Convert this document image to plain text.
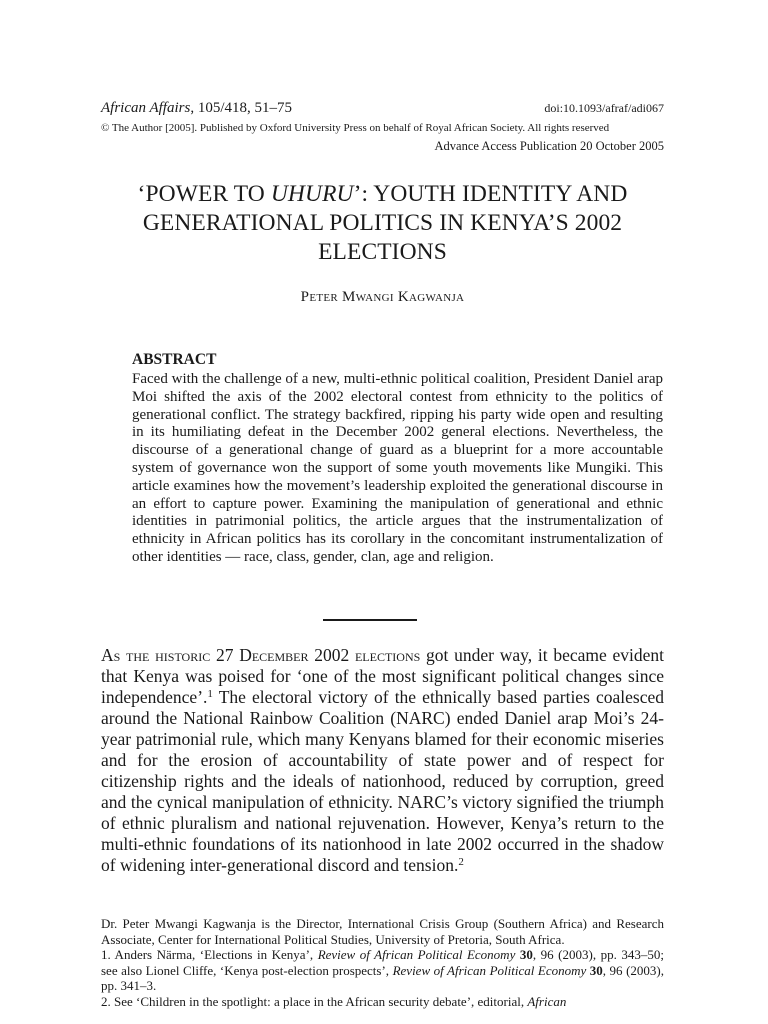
African Affairs, 105/418, 51–75	doi:10.1093/afraf/adi067
© The Author [2005]. Published by Oxford University Press on behalf of Royal African Society. All rights reserved
Advance Access Publication 20 October 2005
‘POWER TO UHURU’: YOUTH IDENTITY AND GENERATIONAL POLITICS IN KENYA’S 2002 ELECTIONS
Peter Mwangi Kagwanja

ABSTRACT

Faced with the challenge of a new, multi-ethnic political coalition, President Daniel arap Moi shifted the axis of the 2002 electoral contest from ethnicity to the politics of generational conflict. The strategy backfired, ripping his party wide open and resulting in its humiliating defeat in the December 2002 general elections. Nevertheless, the discourse of a generational change of guard as a blueprint for a more accountable system of governance won the support of some youth movements like Mungiki. This article examines how the movement’s leadership exploited the generational discourse in an effort to capture power. Examining the manipulation of generational and ethnic identities in patrimonial politics, the article argues that the instrumentalization of ethnicity in African politics has its corollary in the concomitant instrumentalization of other identities — race, class, gender, clan, age and religion.

As the historic 27 December 2002 elections got under way, it became evident that Kenya was poised for ‘one of the most significant political changes since independence’.$^1$ The electoral victory of the ethnically based parties coalesced around the National Rainbow Coalition (NARC) ended Daniel arap Moi’s 24-year patrimonial rule, which many Kenyans blamed for their economic miseries and for the erosion of accountability of state power and of respect for citizenship rights and the ideals of nationhood, reduced by corruption, greed and the cynical manipulation of ethnicity. NARC’s victory signified the triumph of ethnic pluralism and national rejuvenation. However, Kenya’s return to the multi-ethnic foundations of its nationhood in late 2002 occurred in the shadow of widening inter-generational discord and tension.$^2$

Dr. Peter Mwangi Kagwanja is the Director, International Crisis Group (Southern Africa) and Research Associate, Center for International Political Studies, University of Pretoria, South Africa.

1. Anders Närma, ‘Elections in Kenya’, Review of African Political Economy 30, 96 (2003), pp. 343–50; see also Lionel Cliffe, ‘Kenya post-election prospects’, Review of African Political Economy 30, 96 (2003), pp. 341–3.

2. See ‘Children in the spotlight: a place in the African security debate’, editorial, African
